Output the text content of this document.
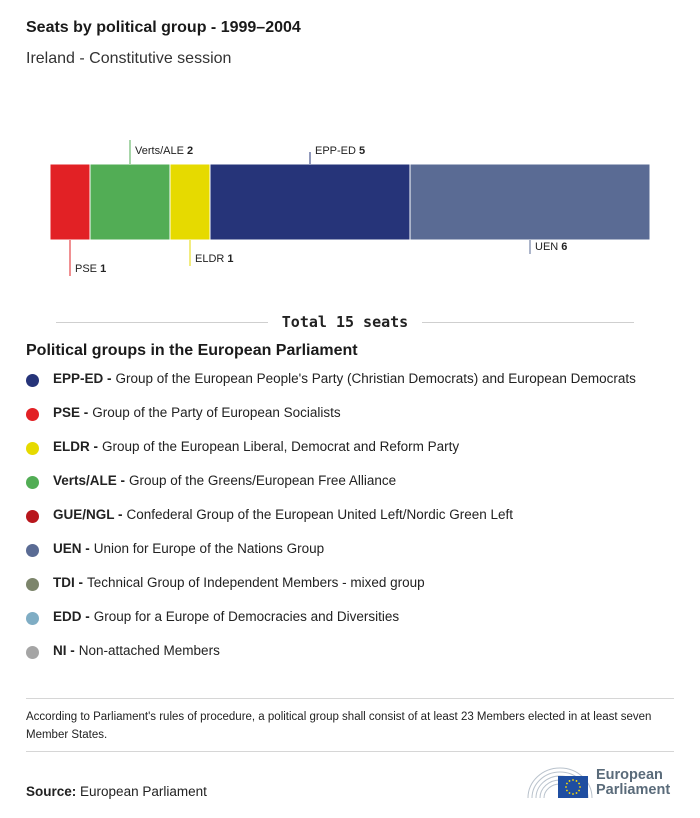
Seats by political group - 1999–2004
Ireland - Constitutive session
PSE 1
Verts/ALE 2
ELDR 1
EPP-ED 5
UEN 6
Total 15 seats
Political groups in the European Parliament
EPP-ED - Group of the European People's Party (Christian Democrats) and European Democrats
PSE - Group of the Party of European Socialists
ELDR - Group of the European Liberal, Democrat and Reform Party
Verts/ALE - Group of the Greens/European Free Alliance
GUE/NGL - Confederal Group of the European United Left/Nordic Green Left
UEN - Union for Europe of the Nations Group
TDI - Technical Group of Independent Members - mixed group
EDD - Group for a Europe of Democracies and Diversities
NI - Non-attached Members
According to Parliament's rules of procedure, a political group shall consist of at least 23 Members elected in at least seven Member States.
Source: European Parliament
European
Parliament
